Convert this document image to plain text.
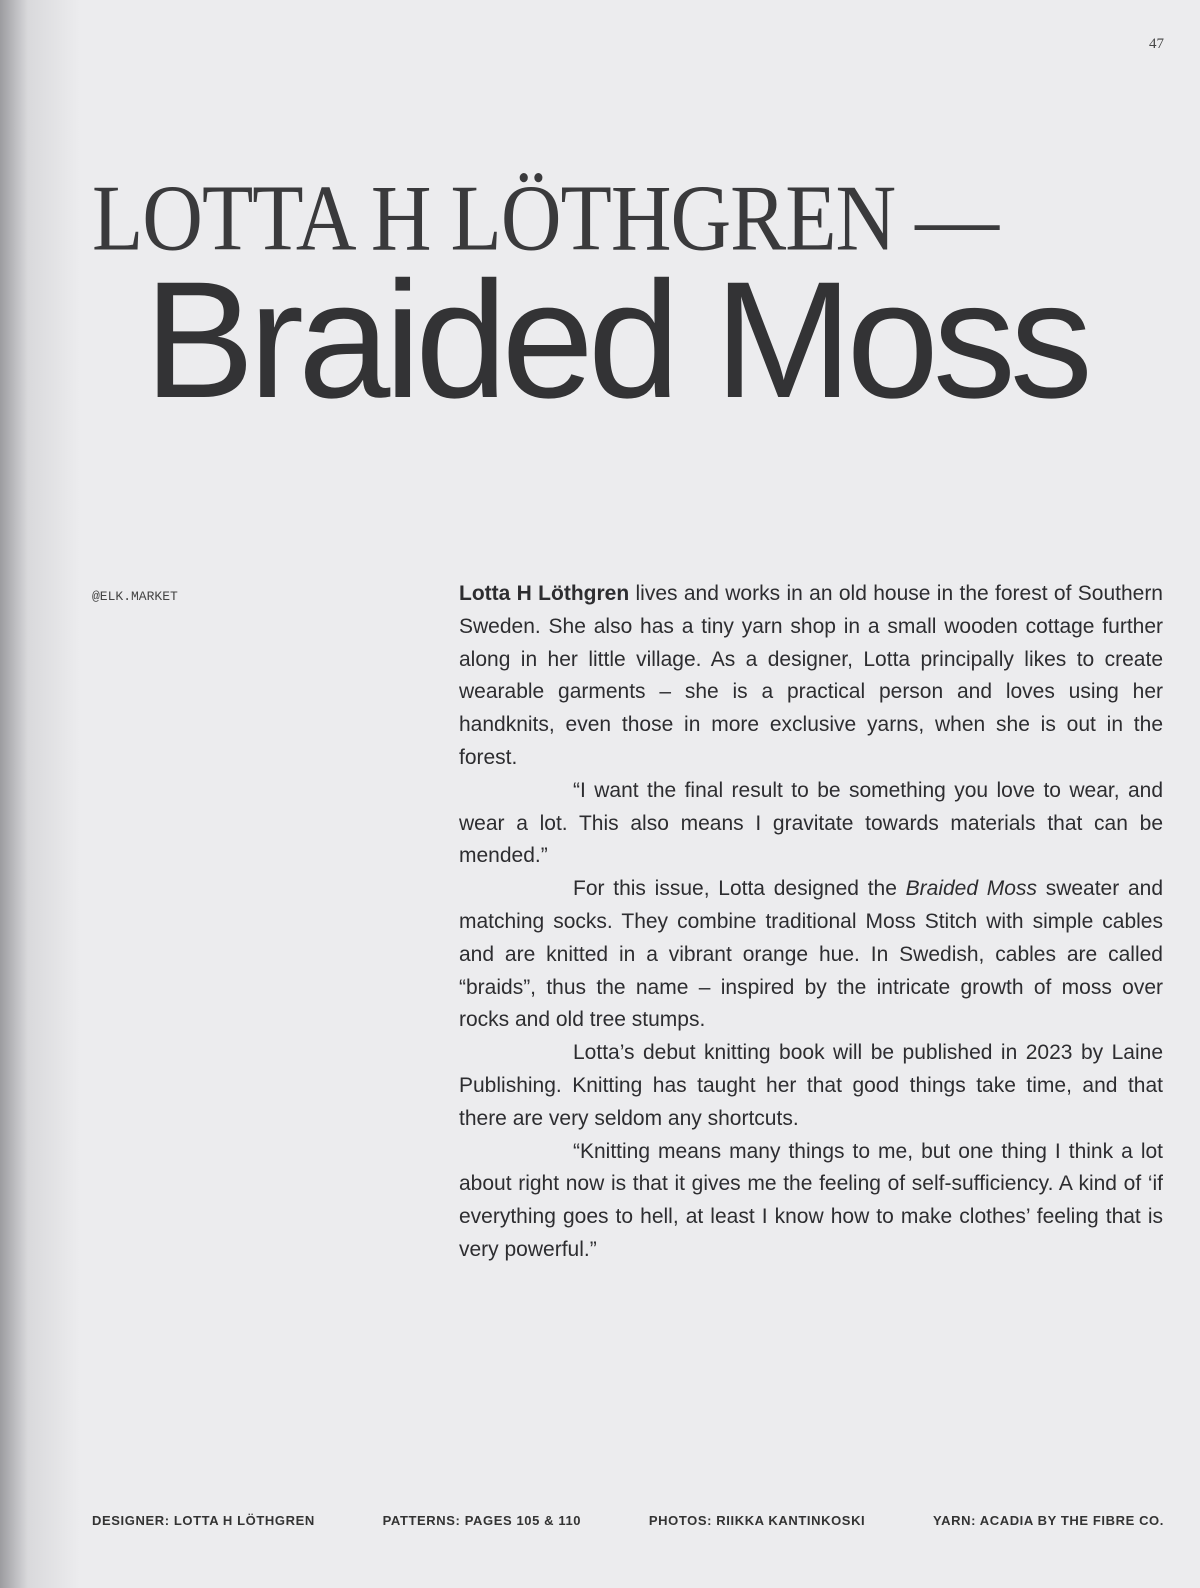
47
LOTTA H LÖTHGREN —
Braided Moss
@ELK.MARKET	Lotta H Löthgren lives and works in an old house in the forest of Southern Sweden. She also has a tiny yarn shop in a small wooden cottage further along in her little village. As a designer, Lotta principally likes to create wearable garments – she is a practical person and loves using her handknits, even those in more exclusive yarns, when she is out in the forest.

“I want the final result to be something you love to wear, and wear a lot. This also means I gravitate towards materials that can be mended.”

For this issue, Lotta designed the Braided Moss sweater and matching socks. They combine traditional Moss Stitch with simple cables and are knitted in a vibrant orange hue. In Swedish, cables are called “braids”, thus the name – inspired by the intricate growth of moss over rocks and old tree stumps.

Lotta’s debut knitting book will be published in 2023 by Laine Publishing. Knitting has taught her that good things take time, and that there are very seldom any shortcuts.

“Knitting means many things to me, but one thing I think a lot about right now is that it gives me the feeling of self-sufficiency. A kind of ‘if everything goes to hell, at least I know how to make clothes’ feeling that is very powerful.”

DESIGNER: LOTTA H LÖTHGREN	PATTERNS: PAGES 105 & 110	PHOTOS: RIIKKA KANTINKOSKI	YARN: ACADIA BY THE FIBRE CO.
